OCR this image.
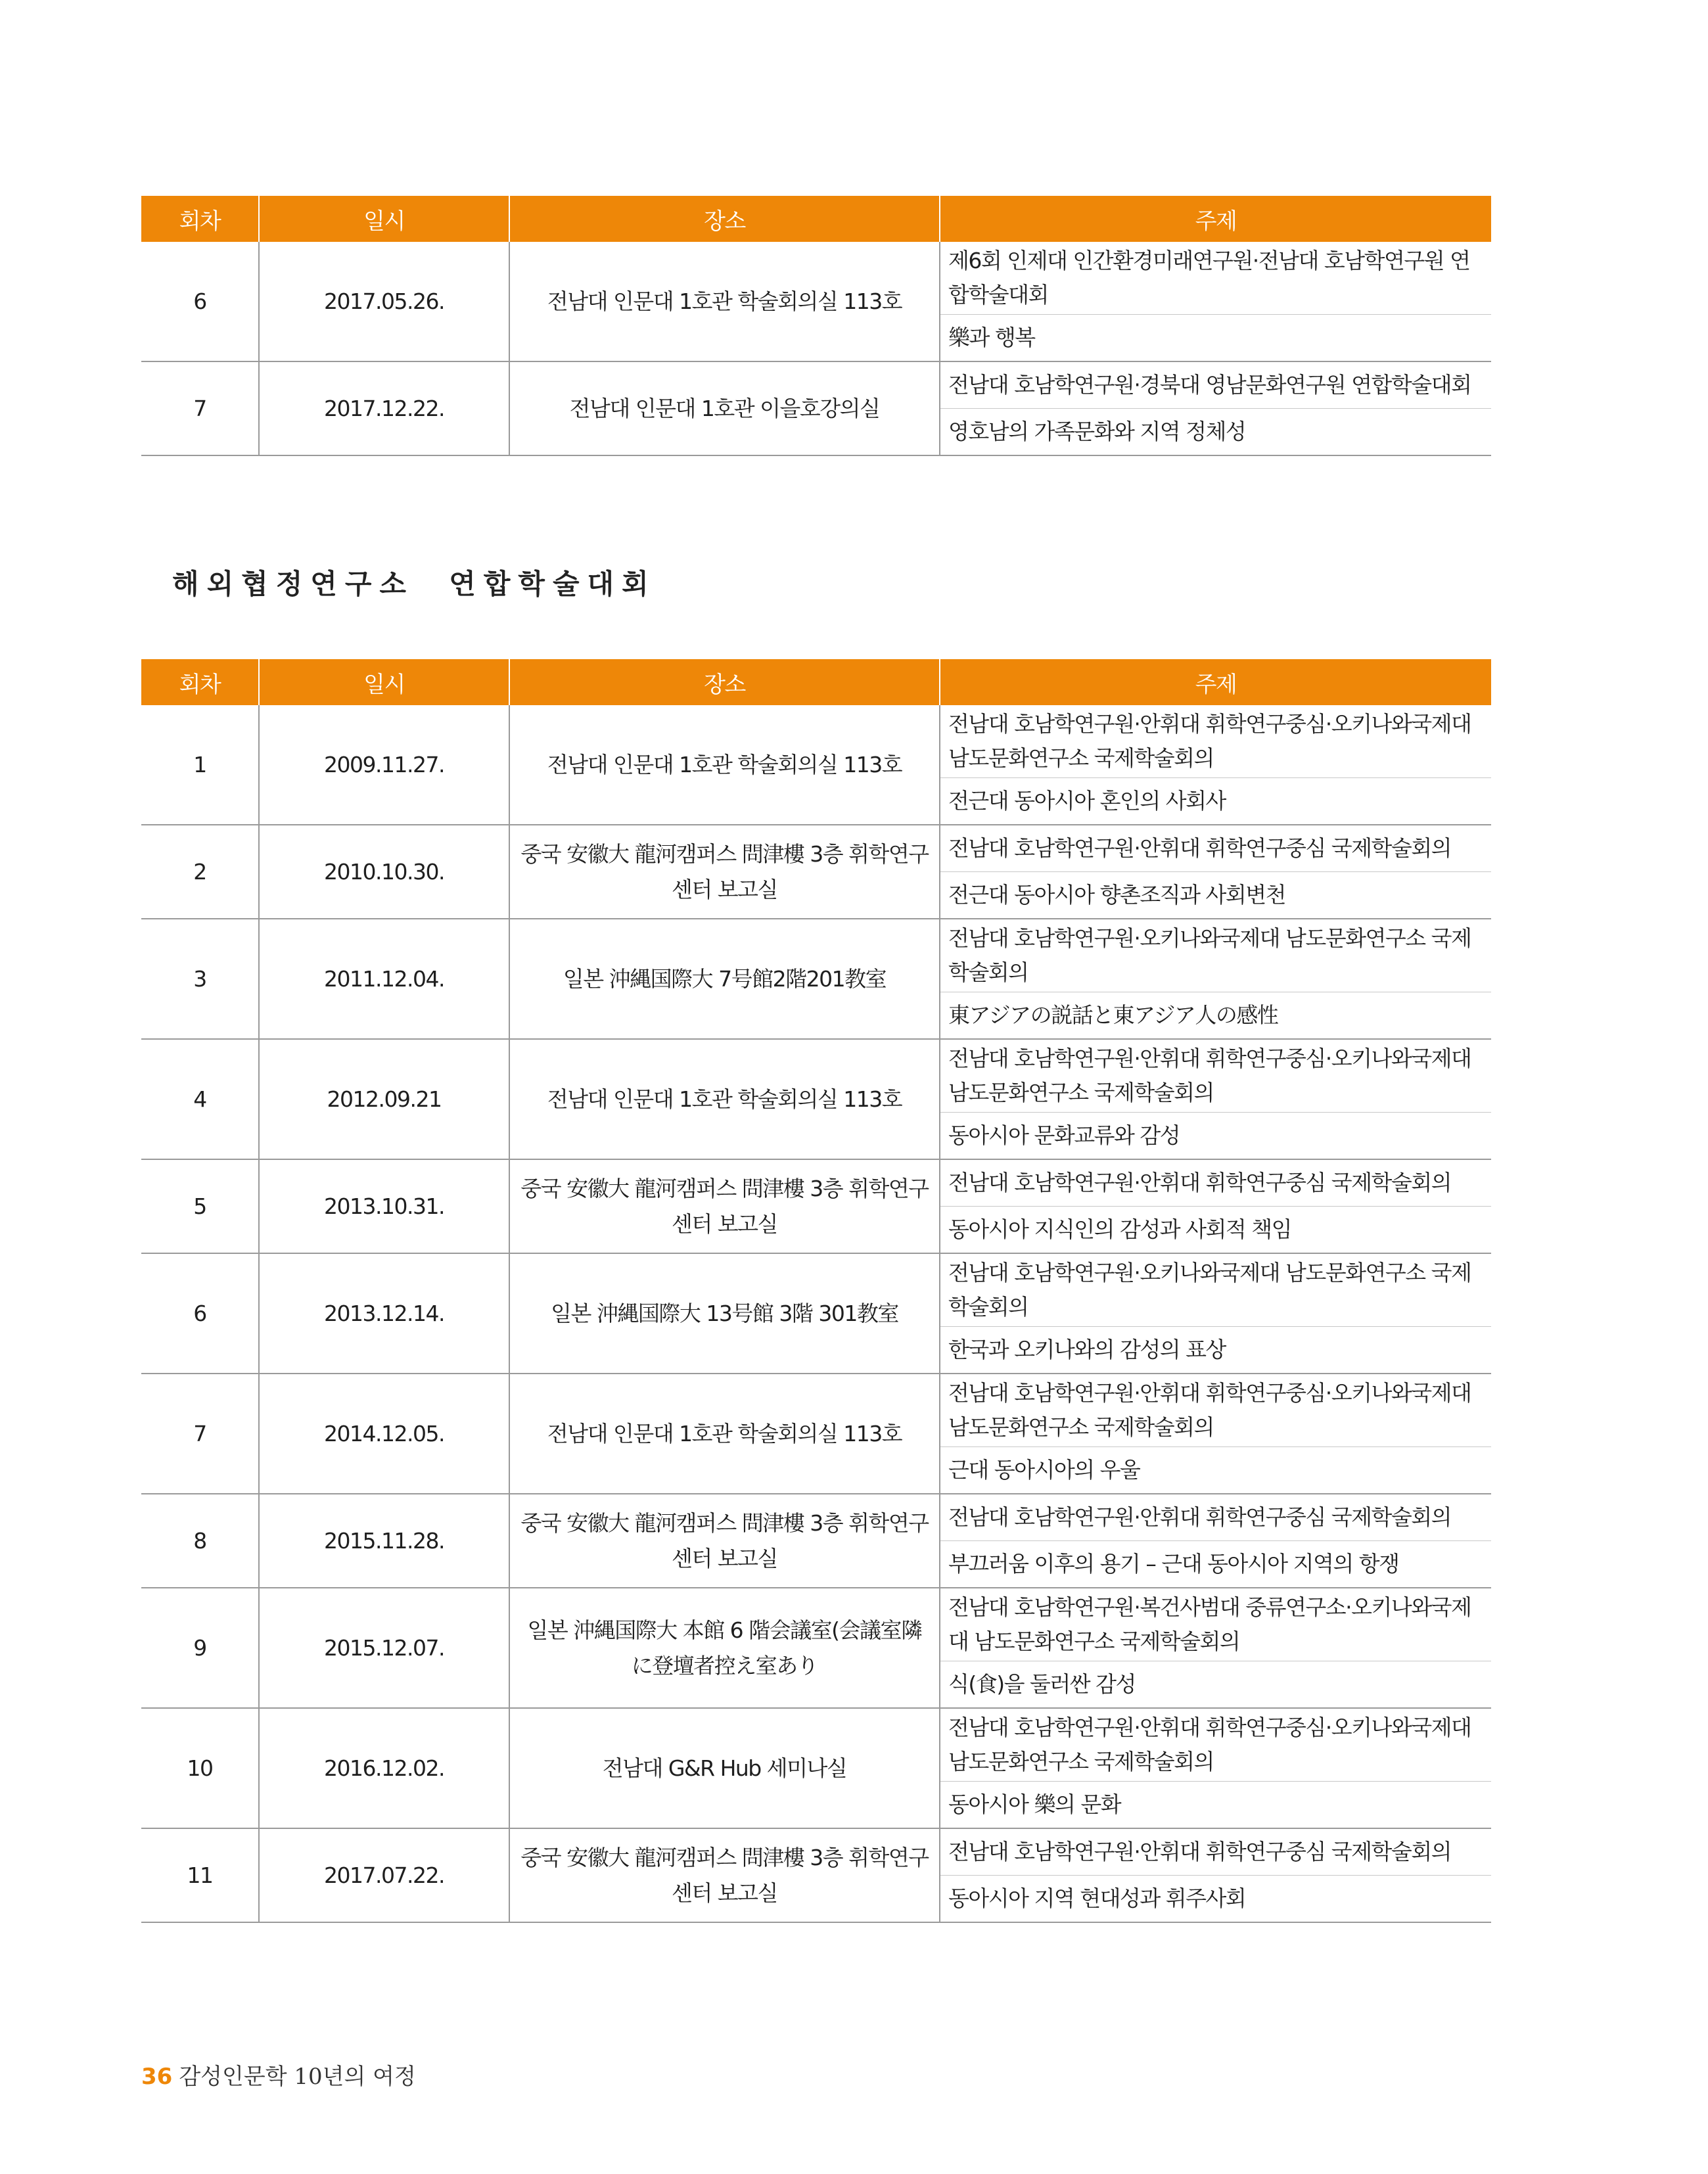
회차	일시	장소	주제
6	2017.05.26.	전남대 인문대 1호관 학술회의실 113호	제6회 인제대 인간환경미래연구원·전남대 호남학연구원 연합학술대회
			樂과 행복
7	2017.12.22.	전남대 인문대 1호관 이을호강의실	전남대 호남학연구원·경북대 영남문화연구원 연합학술대회
			영호남의 가족문화와 지역 정체성
해외협정연구소  연합학술대회
회차	일시	장소	주제
1	2009.11.27.	전남대 인문대 1호관 학술회의실 113호	전남대 호남학연구원·안휘대 휘학연구중심·오키나와국제대 남도문화연구소 국제학술회의
			전근대 동아시아 혼인의 사회사
2	2010.10.30.	중국 安徽大 龍河캠퍼스 問津樓 3층 휘학연구센터 보고실	전남대 호남학연구원·안휘대 휘학연구중심 국제학술회의
			전근대 동아시아 향촌조직과 사회변천
3	2011.12.04.	일본 沖縄国際大 7号館2階201教室	전남대 호남학연구원·오키나와국제대 남도문화연구소 국제학술회의
			東アジアの説話と東アジア人の感性
4	2012.09.21	전남대 인문대 1호관 학술회의실 113호	전남대 호남학연구원·안휘대 휘학연구중심·오키나와국제대 남도문화연구소 국제학술회의
			동아시아 문화교류와 감성
5	2013.10.31.	중국 安徽大 龍河캠퍼스 問津樓 3층 휘학연구센터 보고실	전남대 호남학연구원·안휘대 휘학연구중심 국제학술회의
			동아시아 지식인의 감성과 사회적 책임
6	2013.12.14.	일본 沖縄国際大 13号館 3階 301教室	전남대 호남학연구원·오키나와국제대 남도문화연구소 국제학술회의
			한국과 오키나와의 감성의 표상
7	2014.12.05.	전남대 인문대 1호관 학술회의실 113호	전남대 호남학연구원·안휘대 휘학연구중심·오키나와국제대 남도문화연구소 국제학술회의
			근대 동아시아의 우울
8	2015.11.28.	중국 安徽大 龍河캠퍼스 問津樓 3층 휘학연구센터 보고실	전남대 호남학연구원·안휘대 휘학연구중심 국제학술회의
			부끄러움 이후의 용기 – 근대 동아시아 지역의 항쟁
9	2015.12.07.	일본 沖縄国際大 本館 6 階会議室(会議室隣に登壇者控え室あり	전남대 호남학연구원·복건사범대 중류연구소·오키나와국제대 남도문화연구소 국제학술회의
			식(食)을 둘러싼 감성
10	2016.12.02.	전남대 G&R Hub 세미나실	전남대 호남학연구원·안휘대 휘학연구중심·오키나와국제대 남도문화연구소 국제학술회의
			동아시아 樂의 문화
11	2017.07.22.	중국 安徽大 龍河캠퍼스 問津樓 3층 휘학연구센터 보고실	전남대 호남학연구원·안휘대 휘학연구중심 국제학술회의
			동아시아 지역 현대성과 휘주사회
36 감성인문학 10년의 여정
